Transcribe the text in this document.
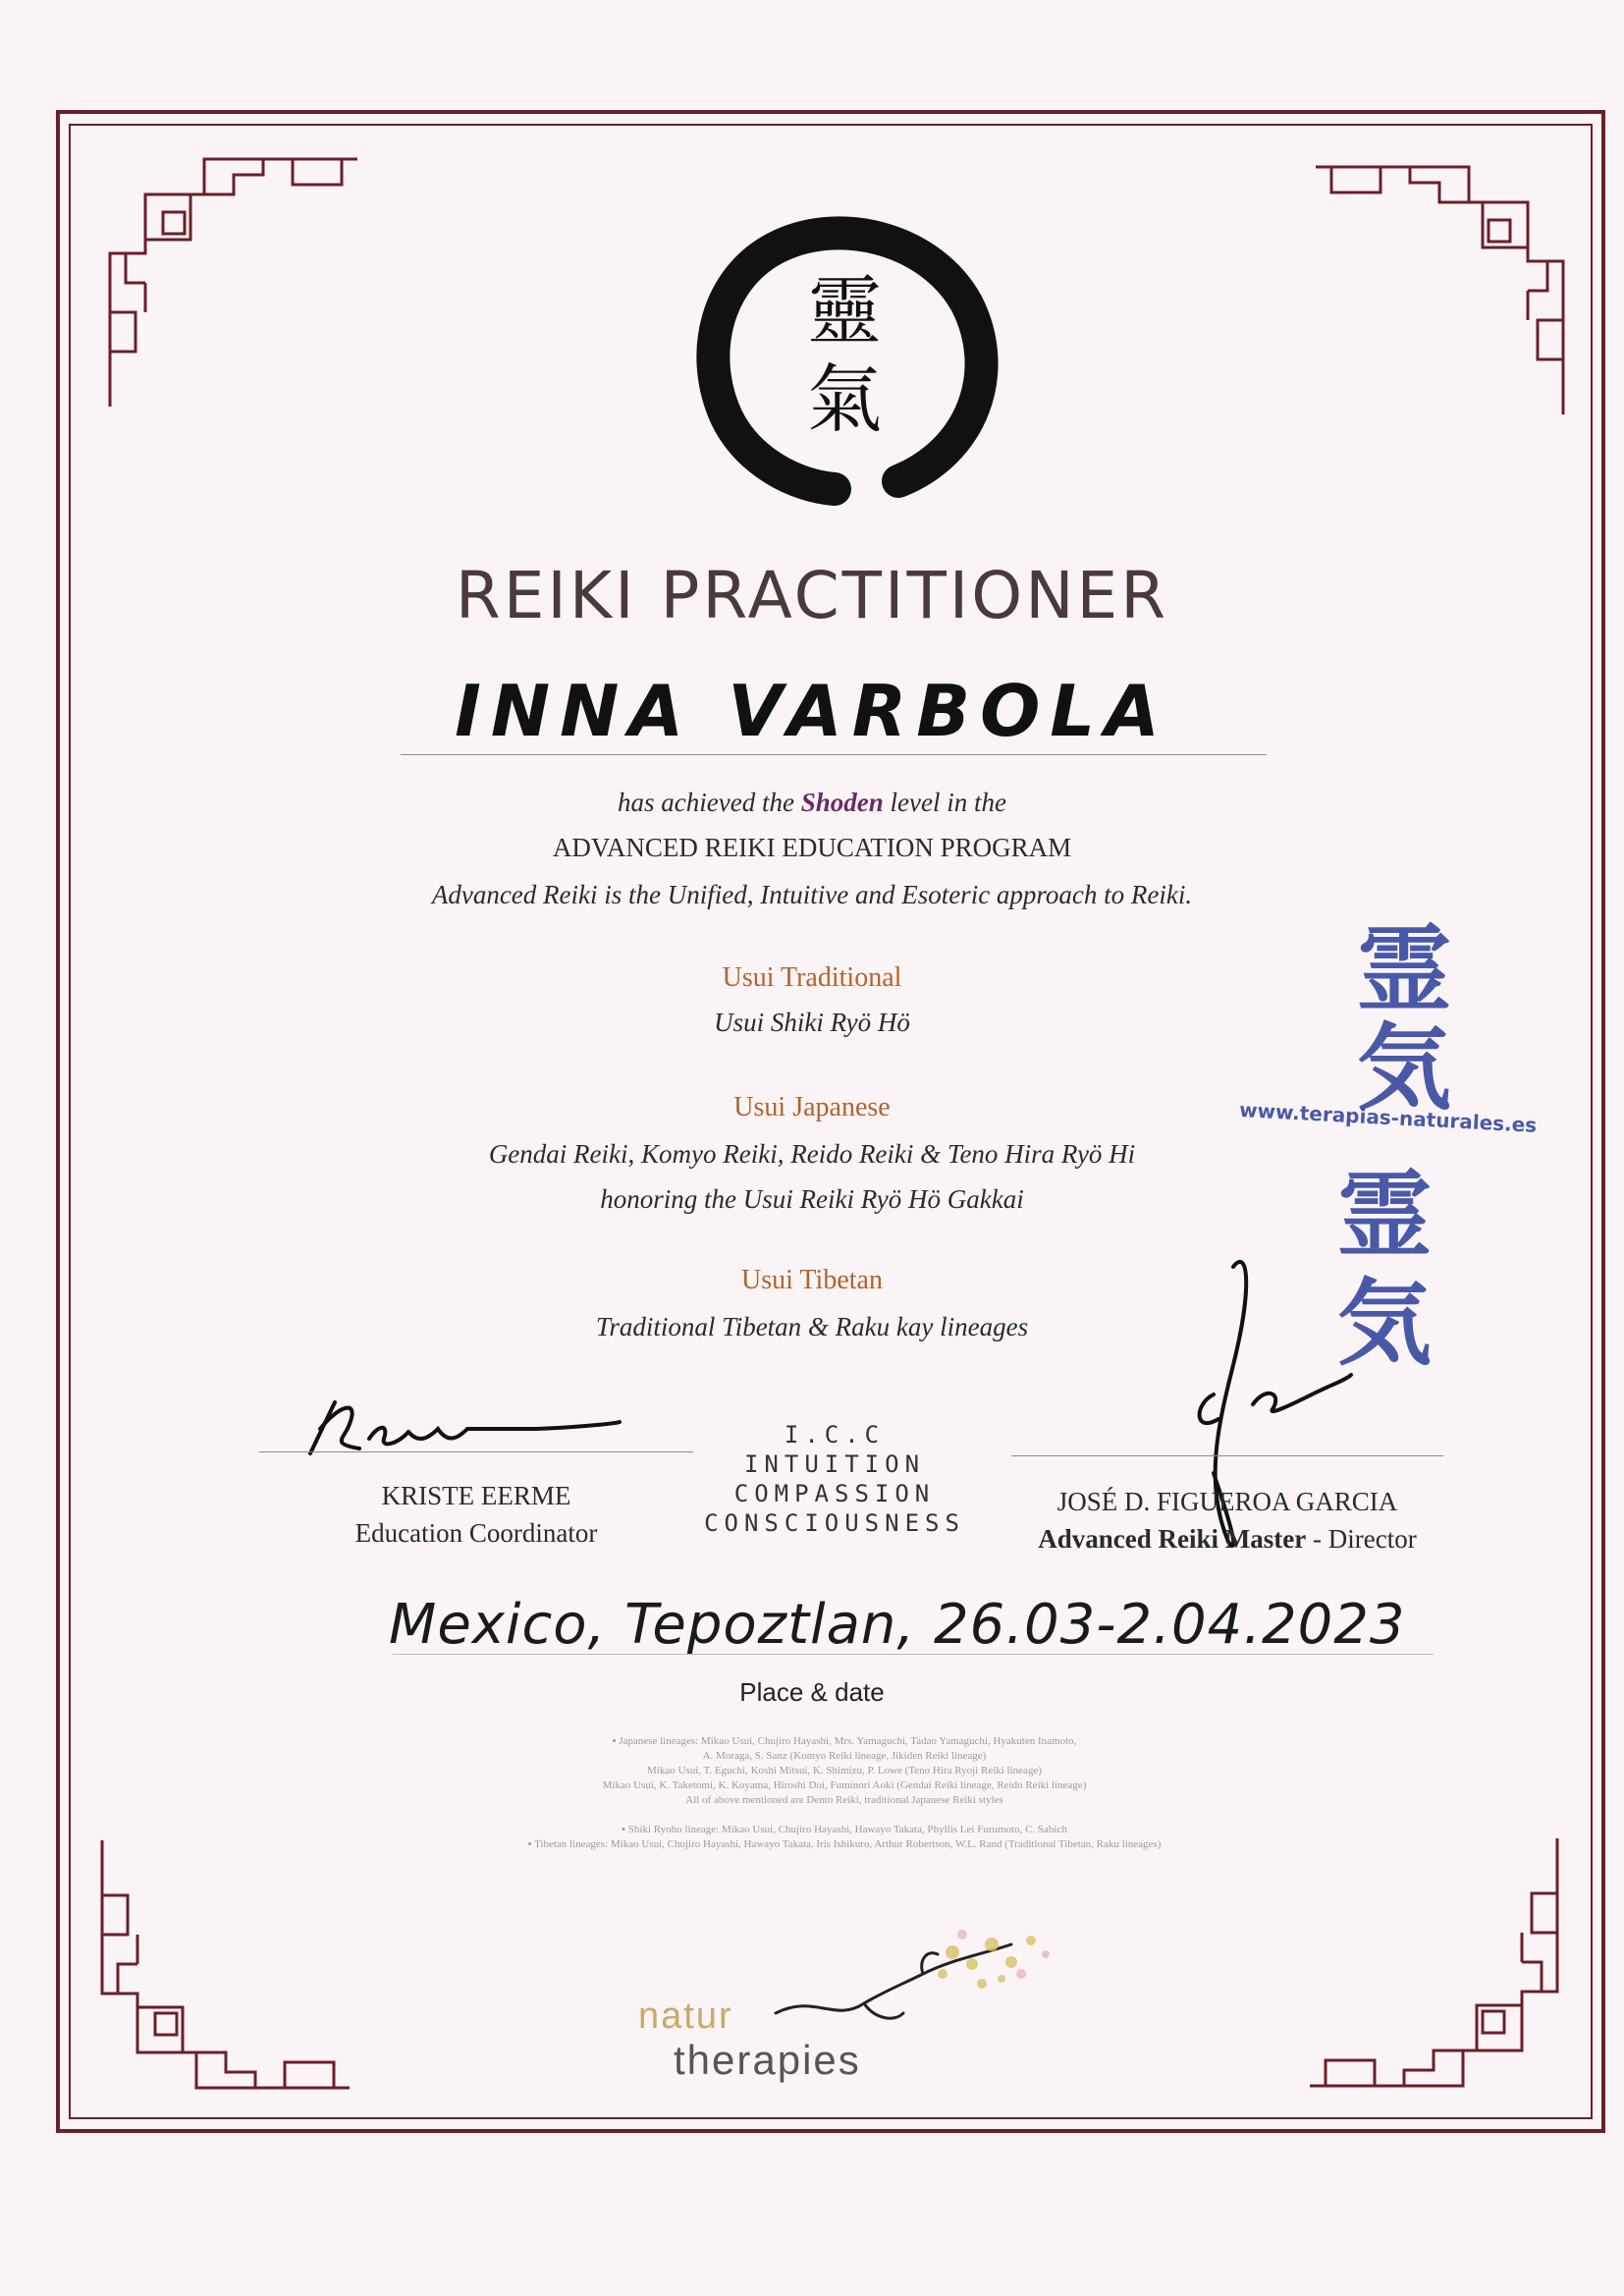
靈
氣
REIKI PRACTITIONER
INNA VARBOLA
has achieved the Shoden level in the
ADVANCED REIKI EDUCATION PROGRAM
Advanced Reiki is the Unified, Intuitive and Esoteric approach to Reiki.
Usui Traditional
Usui Shiki Ryö Hö
Usui Japanese
Gendai Reiki, Komyo Reiki, Reido Reiki & Teno Hira Ryö Hi
honoring the Usui Reiki Ryö Hö Gakkai
Usui Tibetan
Traditional Tibetan & Raku kay lineages
霊
気
www.terapias-naturales.es
霊
気
KRISTE EERME
Education Coordinator
I.C.C
INTUITION
COMPASSION
CONSCIOUSNESS
JOSÉ D. FIGUEROA GARCIA
Advanced Reiki Master - Director
Mexico, Tepoztlan, 26.03-2.04.2023
Place & date
▪ Japanese lineages: Mikao Usui, Chujiro Hayashi, Mrs. Yamaguchi, Tadao Yamaguchi, Hyakuten Inamoto,
A. Moraga, S. Sanz (Komyo Reiki lineage, Jikiden Reiki lineage)
Mikao Usui, T. Eguchi, Koshi Mitsui, K. Shimizu, P. Lowe (Teno Hira Ryoji Reiki lineage)
Mikao Usui, K. Taketomi, K. Koyama, Hiroshi Doi, Fuminori Aoki (Gendai Reiki lineage, Reido Reiki lineage)
All of above mentioned are Dento Reiki, traditional Japanese Reiki styles
▪ Shiki Ryoho lineage: Mikao Usui, Chujiro Hayashi, Hawayo Takata, Phyllis Lei Furumoto, C. Sabich
▪ Tibetan lineages: Mikao Usui, Chujiro Hayashi, Hawayo Takata, Iris Ishikuro, Arthur Robertson, W.L. Rand (Traditional Tibetan, Raku lineages)
natur
therapies
